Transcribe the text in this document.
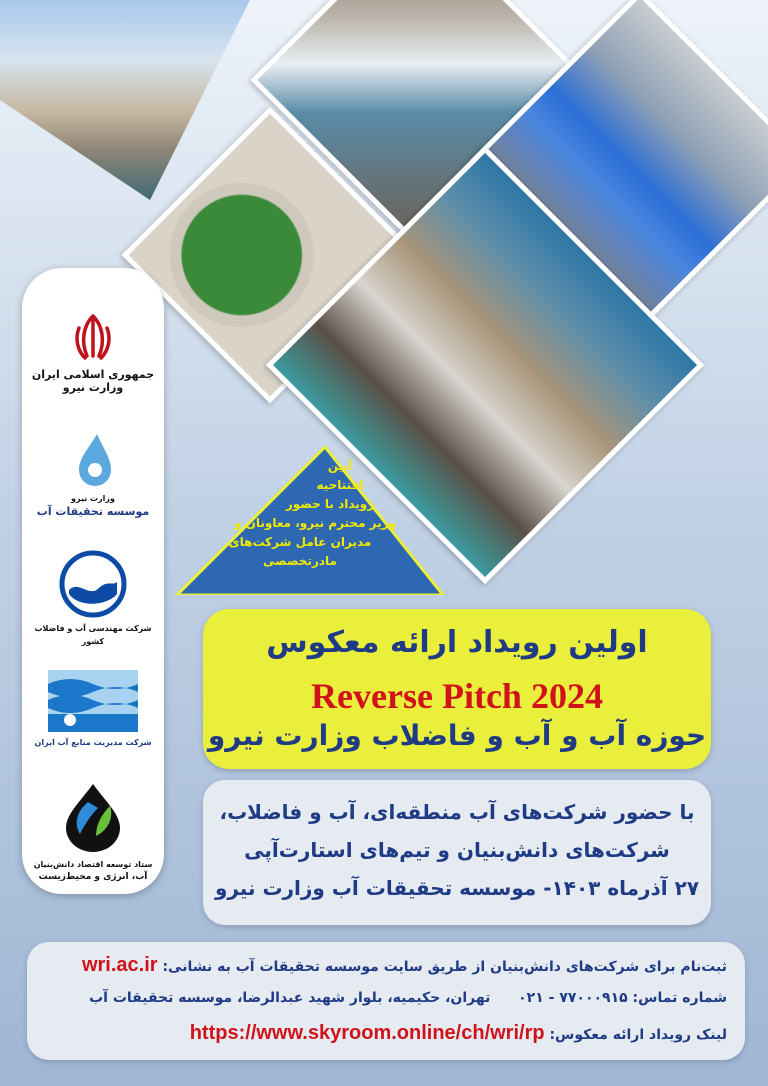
جمهوری اسلامی ایران
وزارت نیرو
وزارت نیرو
موسسه تحقیقات آب
شرکت مهندسی آب و فاضلاب کشور
شرکت مدیریت منابع آب ایران
ستاد توسعه اقتصاد دانش‌بنیان
آب، انرژی و محیط‌زیست
آیین
افتتاحیه
رویداد با حضور
وزیر محترم نیرو، معاونان و
مدیران عامل شرکت‌های مادرتخصصی
اولین رویداد ارائه معکوس
Reverse Pitch 2024
حوزه آب و آب و فاضلاب وزارت نیرو
با حضور شرکت‌های آب منطقه‌ای، آب و فاضلاب،
شرکت‌های دانش‌بنیان و تیم‌های استارت‌آپی
۲۷ آذرماه ۱۴۰۳- موسسه تحقیقات آب وزارت نیرو
ثبت‌نام برای شرکت‌های دانش‌بنیان از طریق سایت موسسه تحقیقات آب به نشانی: wri.ac.ir
شماره تماس: ۷۷۰۰۰۹۱۵ - ۰۲۱  تهران، حکیمیه، بلوار شهید عبدالرضا، موسسه تحقیقات آب
لینک رویداد ارائه معکوس: https://www.skyroom.online/ch/wri/rp
